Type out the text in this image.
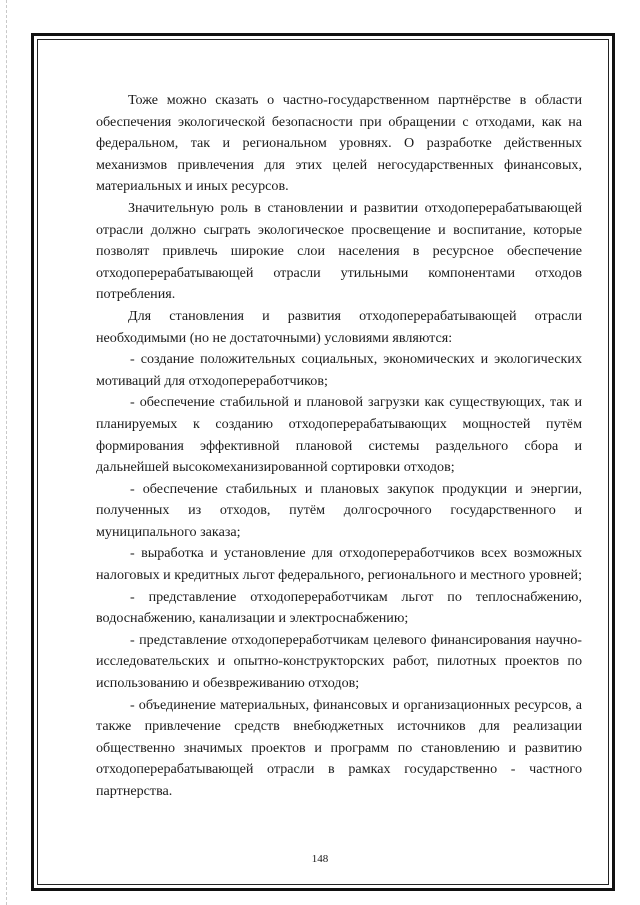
Тоже можно сказать о частно-государственном партнёрстве в области обеспечения экологической безопасности при обращении с отходами, как на федеральном, так и региональном уровнях. О разработке действенных механизмов привлечения для этих целей негосударственных финансовых, материальных и иных ресурсов.

Значительную роль в становлении и развитии отходоперерабатывающей отрасли должно сыграть экологическое просвещение и воспитание, которые позволят привлечь широкие слои населения в ресурсное обеспечение отходоперерабатывающей отрасли утильными компонентами отходов потребления.

Для становления и развития отходоперерабатывающей отрасли необходимыми (но не достаточными) условиями являются:

- создание положительных социальных, экономических и экологических мотиваций для отходопереработчиков;

- обеспечение стабильной и плановой загрузки как существующих, так и планируемых к созданию отходоперерабатывающих мощностей путём формирования эффективной плановой системы раздельного сбора и дальнейшей высокомеханизированной сортировки отходов;

- обеспечение стабильных и плановых закупок продукции и энергии, полученных из отходов, путём долгосрочного государственного и муниципального заказа;

- выработка и установление для отходопереработчиков всех возможных налоговых и кредитных льгот федерального, регионального и местного уровней;

- представление отходопереработчикам льгот по теплоснабжению, водоснабжению, канализации и электроснабжению;

- представление отходопереработчикам целевого финансирования научно-исследовательских и опытно-конструкторских работ, пилотных проектов по использованию и обезвреживанию отходов;

- объединение материальных, финансовых и организационных ресурсов, а также привлечение средств внебюджетных источников для реализации общественно значимых проектов и программ по становлению и развитию отходоперерабатывающей отрасли в рамках государственно - частного партнерства.

148
